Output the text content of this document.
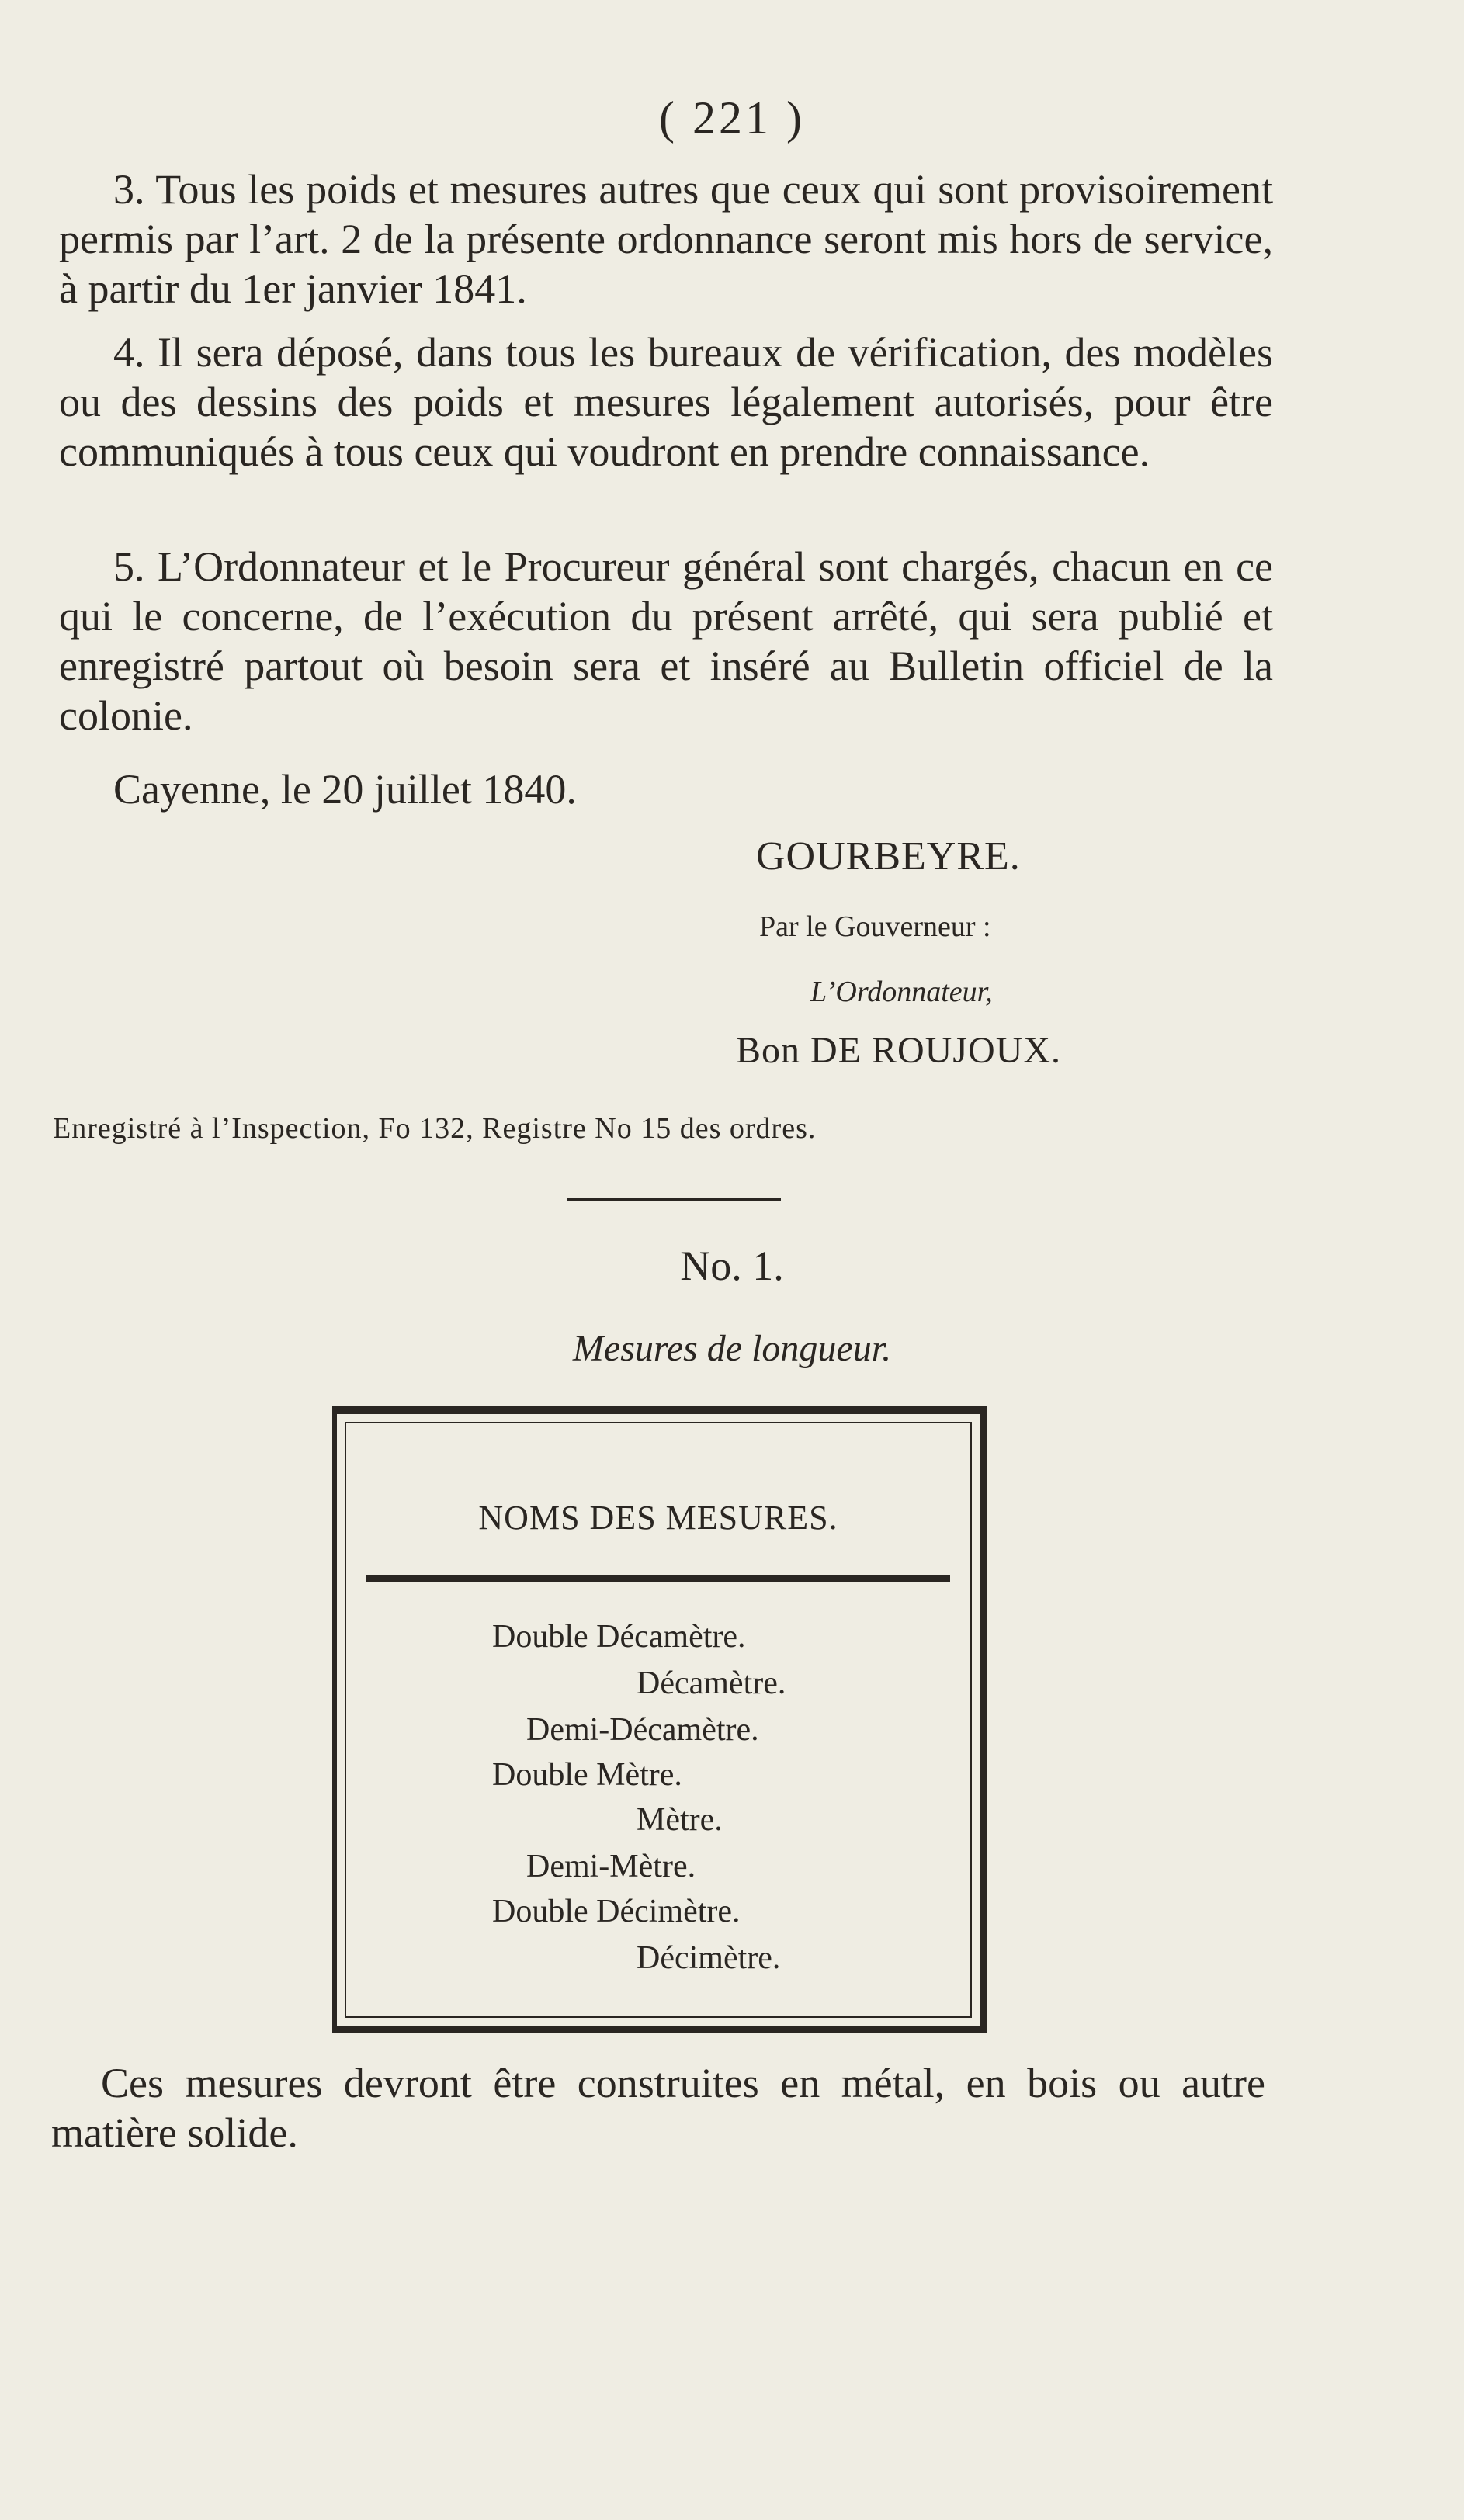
( 221 )
3. Tous les poids et mesures autres que ceux qui sont provisoirement permis par l’art. 2 de la présente ordonnance seront mis hors de service, à partir du 1er janvier 1841.
4. Il sera déposé, dans tous les bureaux de vérification, des modèles ou des dessins des poids et mesures légalement autorisés, pour être communiqués à tous ceux qui voudront en prendre connaissance.
5. L’Ordonnateur et le Procureur général sont chargés, chacun en ce qui le concerne, de l’exécution du présent arrêté, qui sera publié et enregistré partout où besoin sera et inséré au Bulletin officiel de la colonie.
Cayenne, le 20 juillet 1840.
GOURBEYRE.
Par le Gouverneur :
L’Ordonnateur,
Bon DE ROUJOUX.
Enregistré à l’Inspection, Fo 132, Registre No 15 des ordres.
No. 1.
Mesures de longueur.
NOMS DES MESURES.
Double Décamètre.
Décamètre.
Demi-Décamètre.
Double Mètre.
Mètre.
Demi-Mètre.
Double Décimètre.
Décimètre.
Ces mesures devront être construites en métal, en bois ou autre matière solide.
